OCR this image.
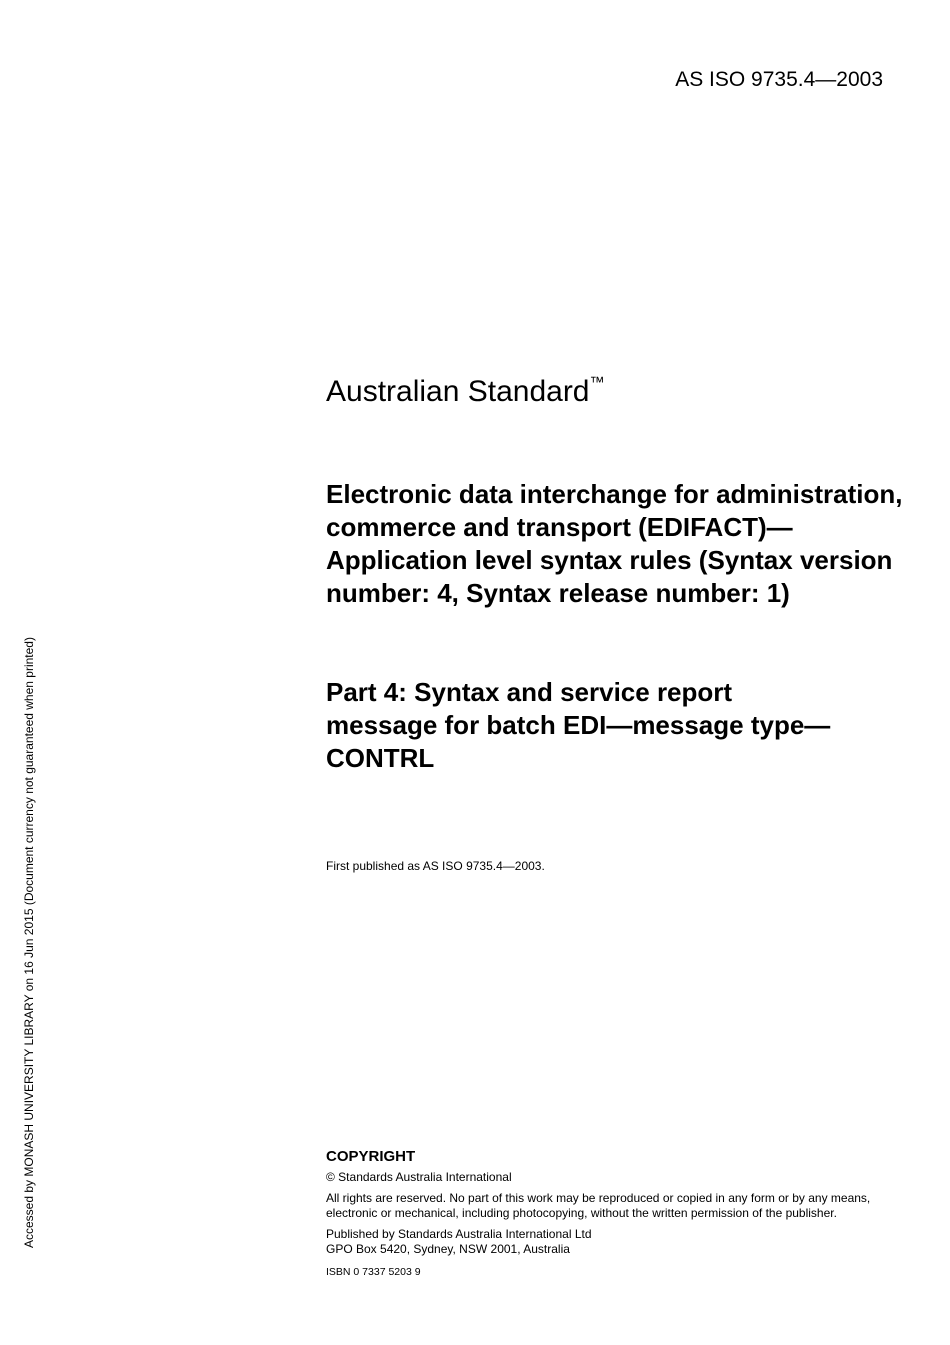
AS ISO 9735.4—2003
Australian Standard™
Electronic data interchange for administration, commerce and transport (EDIFACT)—Application level syntax rules (Syntax version number: 4, Syntax release number: 1)
Part 4: Syntax and service report message for batch EDI—message type—CONTRL
First published as AS ISO 9735.4—2003.
COPYRIGHT

© Standards Australia International

All rights are reserved. No part of this work may be reproduced or copied in any form or by any means, electronic or mechanical, including photocopying, without the written permission of the publisher.

Published by Standards Australia International Ltd
GPO Box 5420, Sydney, NSW 2001, Australia
ISBN 0 7337 5203 9
Accessed by MONASH UNIVERSITY LIBRARY on 16 Jun 2015 (Document currency not guaranteed when printed)
